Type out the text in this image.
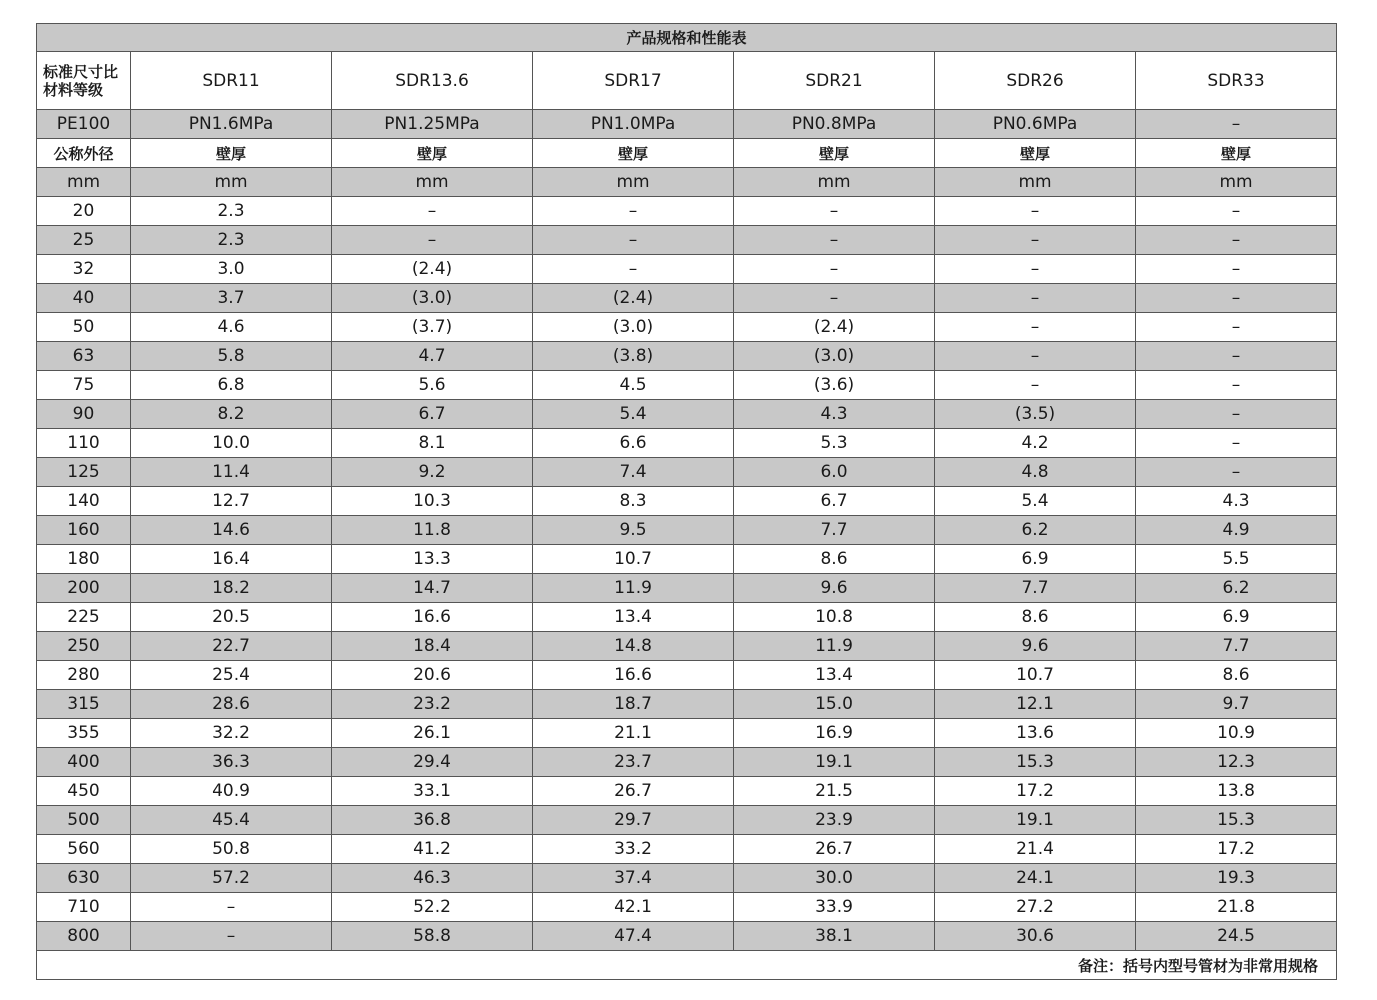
产品规格和性能表						

标准尺寸比
材料等级	SDR11	SDR13.6	SDR17	SDR21	SDR26	SDR33
PE100	PN1.6MPa	PN1.25MPa	PN1.0MPa	PN0.8MPa	PN0.6MPa	–
公称外径	壁厚	壁厚	壁厚	壁厚	壁厚	壁厚
mm	mm	mm	mm	mm	mm	mm
20	2.3	–	–	–	–	–
25	2.3	–	–	–	–	–
32	3.0	(2.4)	–	–	–	–
40	3.7	(3.0)	(2.4)	–	–	–
50	4.6	(3.7)	(3.0)	(2.4)	–	–
63	5.8	4.7	(3.8)	(3.0)	–	–
75	6.8	5.6	4.5	(3.6)	–	–
90	8.2	6.7	5.4	4.3	(3.5)	–
110	10.0	8.1	6.6	5.3	4.2	–
125	11.4	9.2	7.4	6.0	4.8	–
140	12.7	10.3	8.3	6.7	5.4	4.3
160	14.6	11.8	9.5	7.7	6.2	4.9
180	16.4	13.3	10.7	8.6	6.9	5.5
200	18.2	14.7	11.9	9.6	7.7	6.2
225	20.5	16.6	13.4	10.8	8.6	6.9
250	22.7	18.4	14.8	11.9	9.6	7.7
280	25.4	20.6	16.6	13.4	10.7	8.6
315	28.6	23.2	18.7	15.0	12.1	9.7
355	32.2	26.1	21.1	16.9	13.6	10.9
400	36.3	29.4	23.7	19.1	15.3	12.3
450	40.9	33.1	26.7	21.5	17.2	13.8
500	45.4	36.8	29.7	23.9	19.1	15.3
560	50.8	41.2	33.2	26.7	21.4	17.2
630	57.2	46.3	37.4	30.0	24.1	19.3
710	–	52.2	42.1	33.9	27.2	21.8
800	–	58.8	47.4	38.1	30.6	24.5
备注：括号内型号管材为非常用规格						
